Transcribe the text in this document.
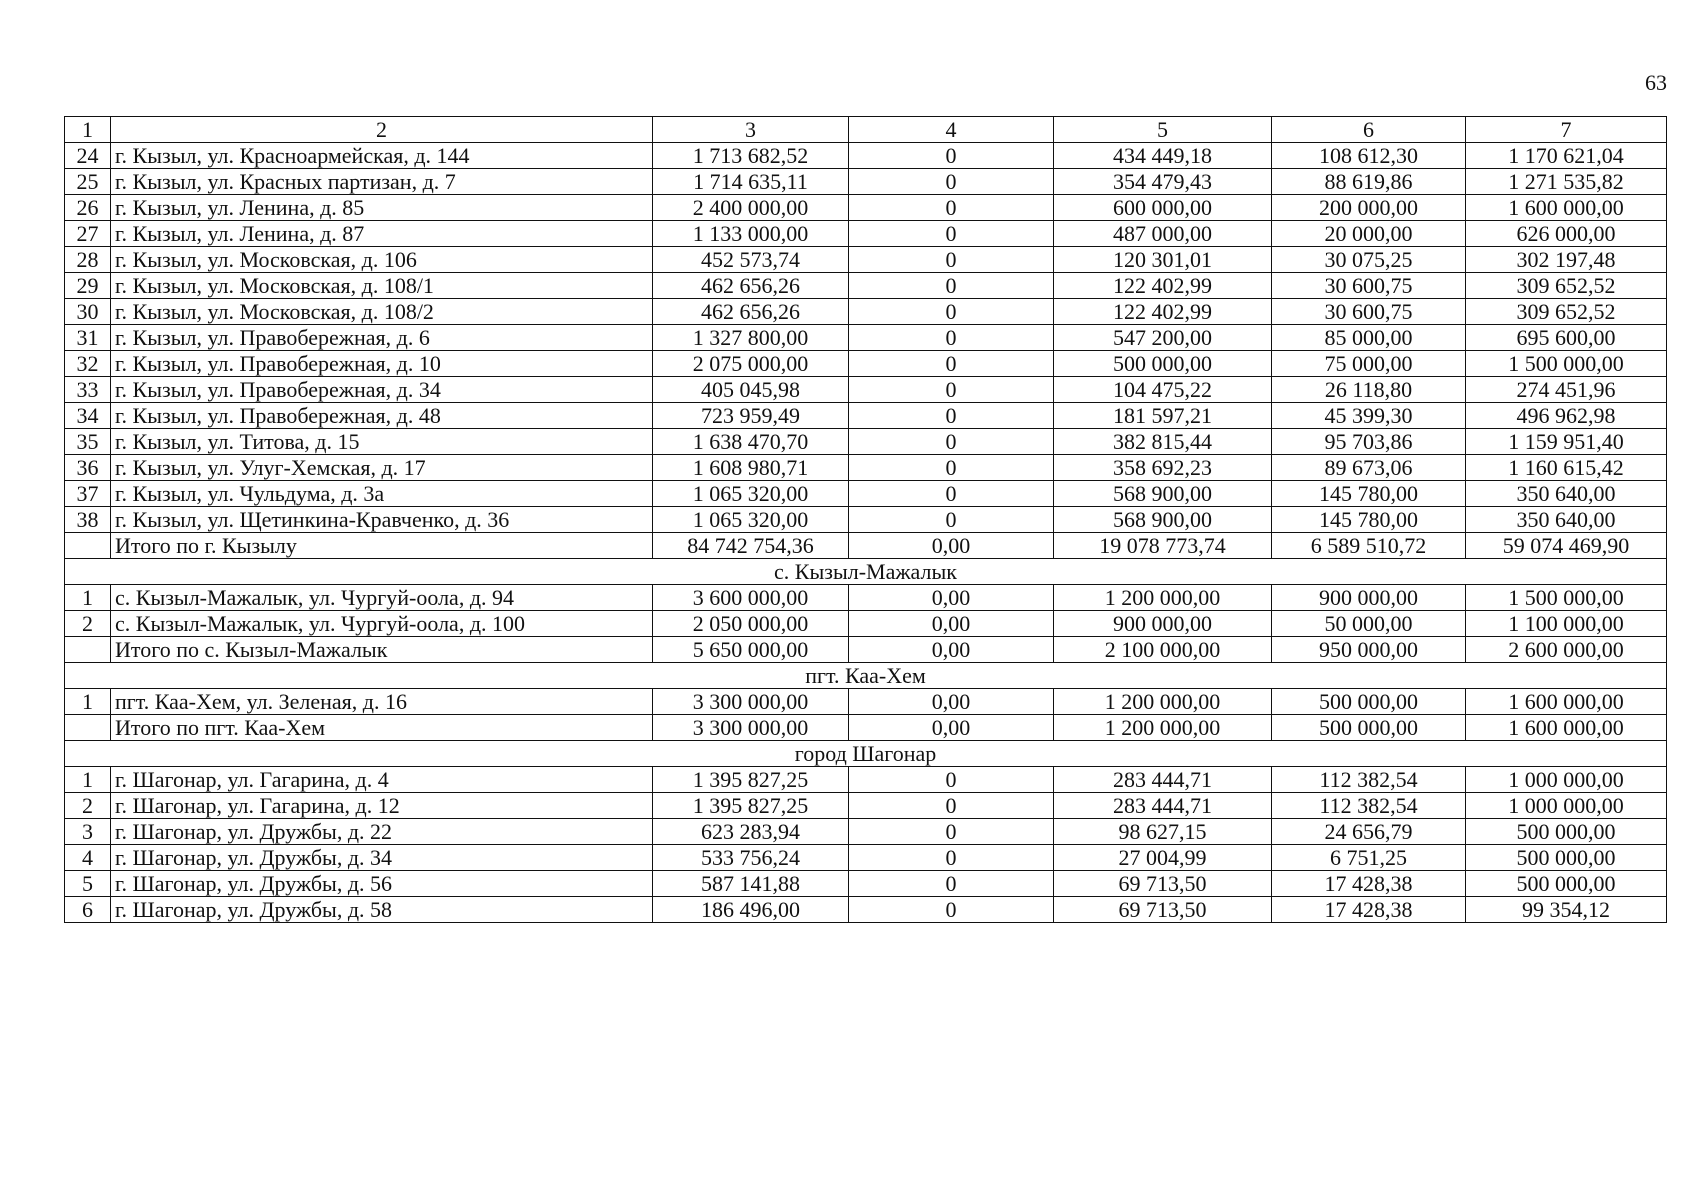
63
1	2	3	4	5	6	7
24	г. Кызыл, ул. Красноармейская, д. 144	1 713 682,52	0	434 449,18	108 612,30	1 170 621,04
25	г. Кызыл, ул. Красных партизан, д. 7	1 714 635,11	0	354 479,43	88 619,86	1 271 535,82
26	г. Кызыл, ул. Ленина, д. 85	2 400 000,00	0	600 000,00	200 000,00	1 600 000,00
27	г. Кызыл, ул. Ленина, д. 87	1 133 000,00	0	487 000,00	20 000,00	626 000,00
28	г. Кызыл, ул. Московская, д. 106	452 573,74	0	120 301,01	30 075,25	302 197,48
29	г. Кызыл, ул. Московская, д. 108/1	462 656,26	0	122 402,99	30 600,75	309 652,52
30	г. Кызыл, ул. Московская, д. 108/2	462 656,26	0	122 402,99	30 600,75	309 652,52
31	г. Кызыл, ул. Правобережная, д. 6	1 327 800,00	0	547 200,00	85 000,00	695 600,00
32	г. Кызыл, ул. Правобережная, д. 10	2 075 000,00	0	500 000,00	75 000,00	1 500 000,00
33	г. Кызыл, ул. Правобережная, д. 34	405 045,98	0	104 475,22	26 118,80	274 451,96
34	г. Кызыл, ул. Правобережная, д. 48	723 959,49	0	181 597,21	45 399,30	496 962,98
35	г. Кызыл, ул. Титова, д. 15	1 638 470,70	0	382 815,44	95 703,86	1 159 951,40
36	г. Кызыл, ул. Улуг-Хемская, д. 17	1 608 980,71	0	358 692,23	89 673,06	1 160 615,42
37	г. Кызыл, ул. Чульдума, д. 3а	1 065 320,00	0	568 900,00	145 780,00	350 640,00
38	г. Кызыл, ул. Щетинкина-Кравченко, д. 36	1 065 320,00	0	568 900,00	145 780,00	350 640,00
	Итого по г. Кызылу	84 742 754,36	0,00	19 078 773,74	6 589 510,72	59 074 469,90
с. Кызыл-Мажалык						
1	с. Кызыл-Мажалык, ул. Чургуй-оола, д. 94	3 600 000,00	0,00	1 200 000,00	900 000,00	1 500 000,00
2	с. Кызыл-Мажалык, ул. Чургуй-оола, д. 100	2 050 000,00	0,00	900 000,00	50 000,00	1 100 000,00
	Итого по с. Кызыл-Мажалык	5 650 000,00	0,00	2 100 000,00	950 000,00	2 600 000,00
пгт. Каа-Хем						
1	пгт. Каа-Хем, ул. Зеленая, д. 16	3 300 000,00	0,00	1 200 000,00	500 000,00	1 600 000,00
	Итого по пгт. Каа-Хем	3 300 000,00	0,00	1 200 000,00	500 000,00	1 600 000,00
город Шагонар						
1	г. Шагонар, ул. Гагарина, д. 4	1 395 827,25	0	283 444,71	112 382,54	1 000 000,00
2	г. Шагонар, ул. Гагарина, д. 12	1 395 827,25	0	283 444,71	112 382,54	1 000 000,00
3	г. Шагонар, ул. Дружбы, д. 22	623 283,94	0	98 627,15	24 656,79	500 000,00
4	г. Шагонар, ул. Дружбы, д. 34	533 756,24	0	27 004,99	6 751,25	500 000,00
5	г. Шагонар, ул. Дружбы, д. 56	587 141,88	0	69 713,50	17 428,38	500 000,00
6	г. Шагонар, ул. Дружбы, д. 58	186 496,00	0	69 713,50	17 428,38	99 354,12
